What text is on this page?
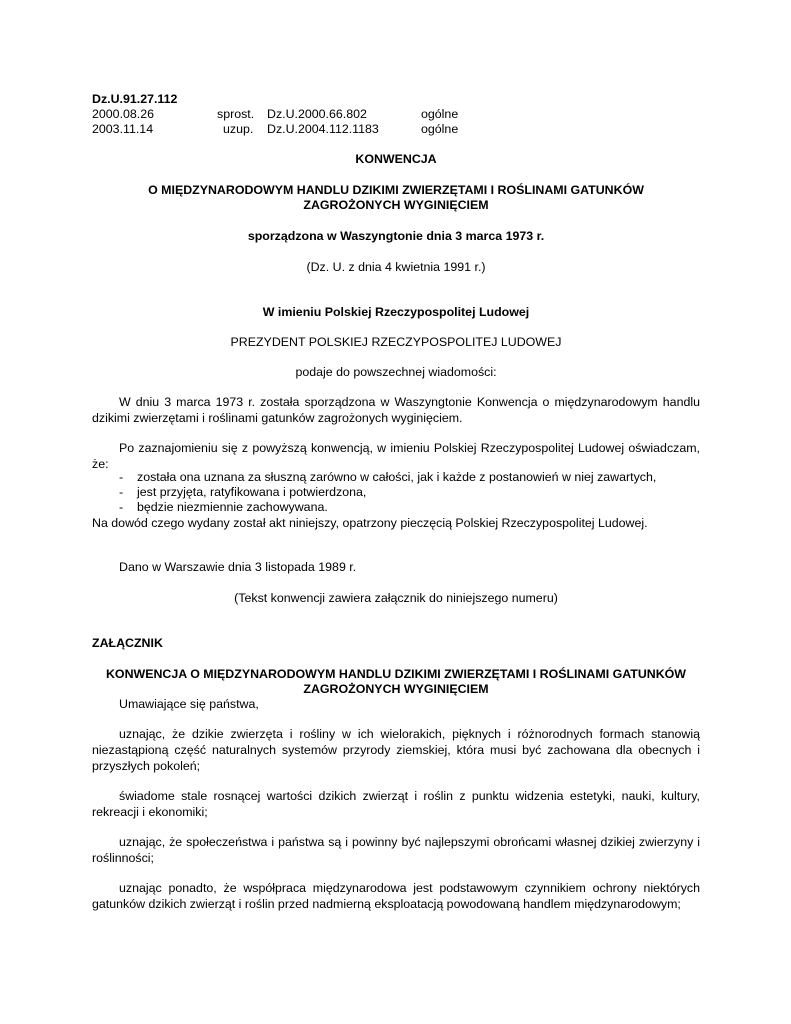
Dz.U.91.27.112
2000.08.26	sprost. Dz.U.2000.66.802	ogólne
2003.11.14	uzup. Dz.U.2004.112.1183	ogólne
KONWENCJA
O MIĘDZYNARODOWYM HANDLU DZIKIMI ZWIERZĘTAMI I ROŚLINAMI GATUNKÓW
ZAGROŻONYCH WYGINIĘCIEM
sporządzona w Waszyngtonie dnia 3 marca 1973 r.
(Dz. U. z dnia 4 kwietnia 1991 r.)
W imieniu Polskiej Rzeczypospolitej Ludowej
PREZYDENT POLSKIEJ RZECZYPOSPOLITEJ LUDOWEJ
podaje do powszechnej wiadomości:
W dniu 3 marca 1973 r. została sporządzona w Waszyngtonie Konwencja o międzynarodowym handlu dzikimi zwierzętami i roślinami gatunków zagrożonych wyginięciem.
Po zaznajomieniu się z powyższą konwencją, w imieniu Polskiej Rzeczypospolitej Ludowej oświadczam, że:
- została ona uznana za słuszną zarówno w całości, jak i każde z postanowień w niej zawartych,
- jest przyjęta, ratyfikowana i potwierdzona,
- będzie niezmiennie zachowywana.
Na dowód czego wydany został akt niniejszy, opatrzony pieczęcią Polskiej Rzeczypospolitej Ludowej.
Dano w Warszawie dnia 3 listopada 1989 r.
(Tekst konwencji zawiera załącznik do niniejszego numeru)
ZAŁĄCZNIK
KONWENCJA O MIĘDZYNARODOWYM HANDLU DZIKIMI ZWIERZĘTAMI I ROŚLINAMI GATUNKÓW
ZAGROŻONYCH WYGINIĘCIEM
Umawiające się państwa,
uznając, że dzikie zwierzęta i rośliny w ich wielorakich, pięknych i różnorodnych formach stanowią niezastąpioną część naturalnych systemów przyrody ziemskiej, która musi być zachowana dla obecnych i przyszłych pokoleń;
świadome stale rosnącej wartości dzikich zwierząt i roślin z punktu widzenia estetyki, nauki, kultury, rekreacji i ekonomiki;
uznając, że społeczeństwa i państwa są i powinny być najlepszymi obrońcami własnej dzikiej zwierzyny i roślinności;
uznając ponadto, że współpraca międzynarodowa jest podstawowym czynnikiem ochrony niektórych gatunków dzikich zwierząt i roślin przed nadmierną eksploatacją powodowaną handlem międzynarodowym;
